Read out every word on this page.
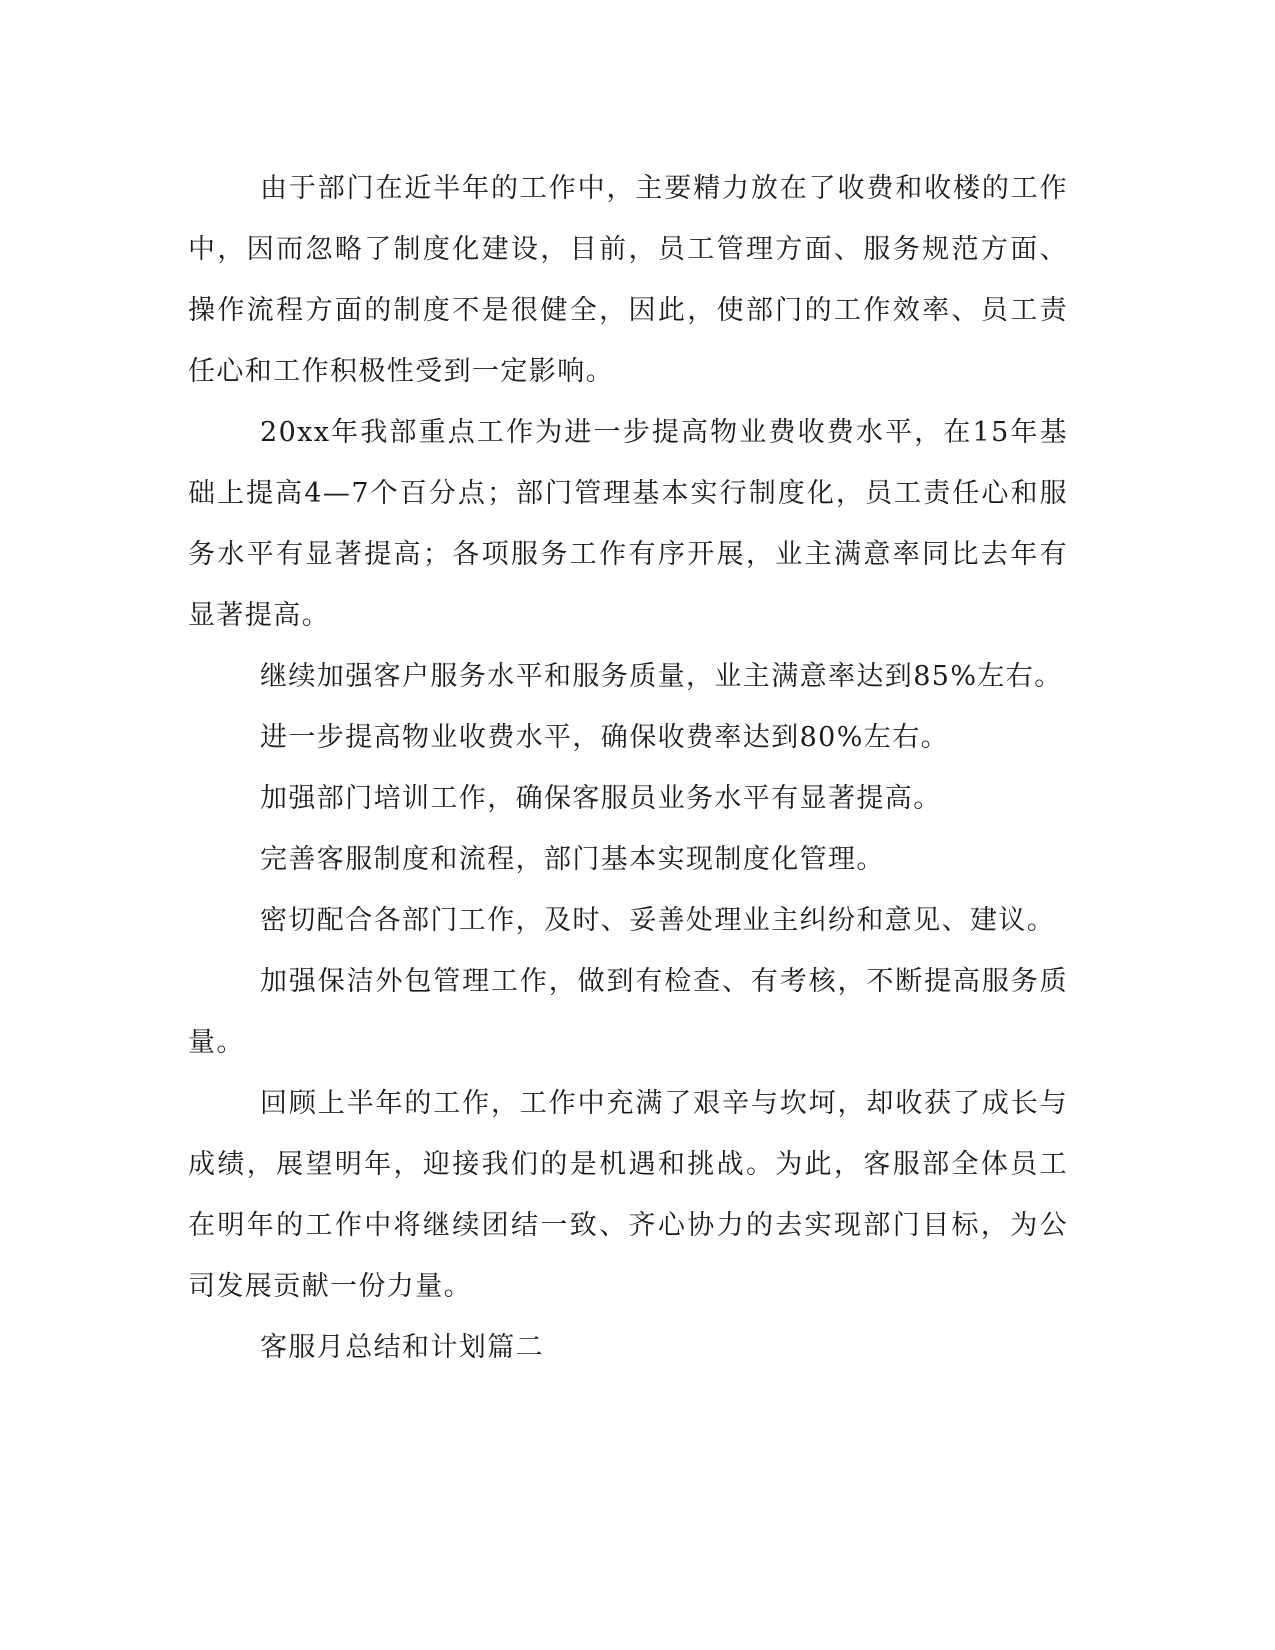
由于部门在近半年的工作中，主要精力放在了收费和收楼的工作中，因而忽略了制度化建设，目前，员工管理方面、服务规范方面、操作流程方面的制度不是很健全，因此，使部门的工作效率、员工责任心和工作积极性受到一定影响。

20xx年我部重点工作为进一步提高物业费收费水平，在15年基础上提高4—7个百分点；部门管理基本实行制度化，员工责任心和服务水平有显著提高；各项服务工作有序开展，业主满意率同比去年有显著提高。

继续加强客户服务水平和服务质量，业主满意率达到85%左右。

进一步提高物业收费水平，确保收费率达到80%左右。

加强部门培训工作，确保客服员业务水平有显著提高。

完善客服制度和流程，部门基本实现制度化管理。

密切配合各部门工作，及时、妥善处理业主纠纷和意见、建议。

加强保洁外包管理工作，做到有检查、有考核，不断提高服务质量。

回顾上半年的工作，工作中充满了艰辛与坎坷，却收获了成长与成绩，展望明年，迎接我们的是机遇和挑战。为此，客服部全体员工在明年的工作中将继续团结一致、齐心协力的去实现部门目标，为公司发展贡献一份力量。

客服月总结和计划篇二
